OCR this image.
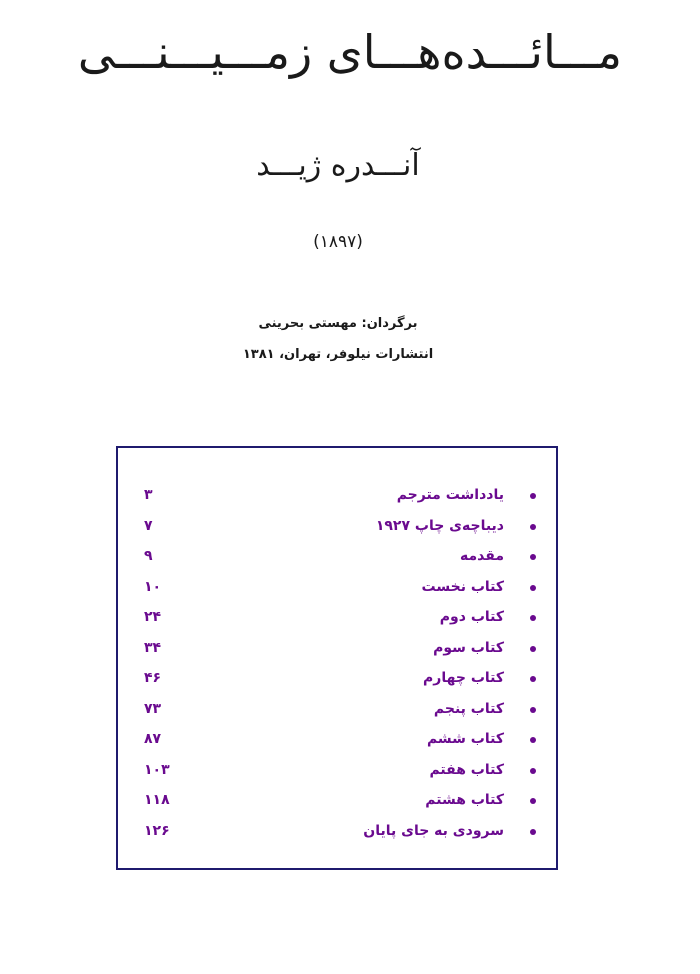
مـــائـــده‌هـــای زمـــیـــنـــی
آنـــدره ژیـــد
(۱۸۹۷)
برگردان: مهستی بحرینی
انتشارات نیلوفر، تهران، ۱۳۸۱
یادداشت مترجم
۳
دیباچه‌ی چاپ ۱۹۲۷
۷
مقدمه
۹
کتاب نخست
۱۰
کتاب دوم
۲۴
کتاب سوم
۳۴
کتاب چهارم
۴۶
کتاب پنجم
۷۳
کتاب ششم
۸۷
کتاب هفتم
۱۰۳
کتاب هشتم
۱۱۸
سرودی به جای پایان
۱۲۶
